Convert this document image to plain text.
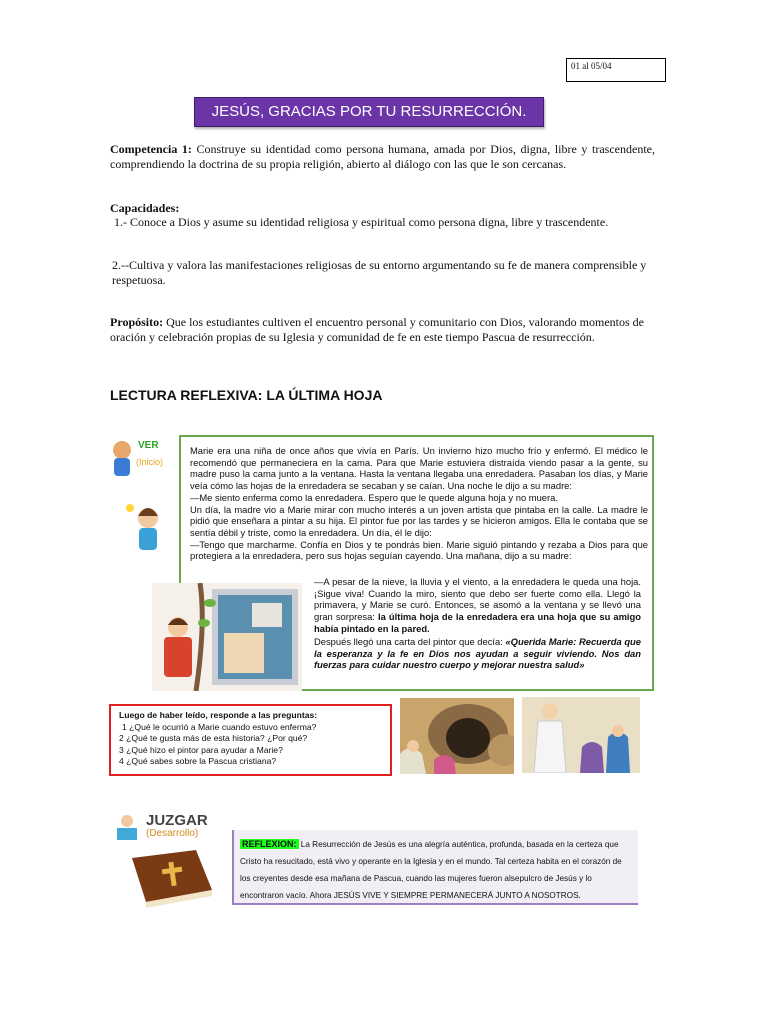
01 al 05/04
JESÚS, GRACIAS POR TU RESURRECCIÓN.
Competencia 1: Construye su identidad como persona humana, amada por Dios, digna, libre y trascendente, comprendiendo la doctrina de su propia religión, abierto al diálogo con las que le son cercanas.
Capacidades:
1.- Conoce a Dios y asume su identidad religiosa y espiritual como persona digna, libre y trascendente.
2.--Cultiva y valora las manifestaciones religiosas de su entorno argumentando su fe de manera comprensible y respetuosa.
Propósito: Que los estudiantes cultiven el encuentro personal y comunitario con Dios, valorando momentos de oración y celebración propias de su Iglesia y comunidad de fe en este tiempo Pascua de resurrección.
LECTURA REFLEXIVA: LA ÚLTIMA HOJA
VER
(Inicio)
Marie era una niña de once años que vivía en París. Un invierno hizo mucho frío y enfermó. El médico le recomendó que permaneciera en la cama. Para que Marie estuviera distraída viendo pasar a la gente, su madre puso la cama junto a la ventana. Hasta la ventana llegaba una enredadera. Pasaban los días, y Marie veía cómo las hojas de la enredadera se secaban y se caían. Una noche le dijo a su madre:
—Me siento enferma como la enredadera. Espero que le quede alguna hoja y no muera.
Un día, la madre vio a Marie mirar con mucho interés a un joven artista que pintaba en la calle. La madre le pidió que enseñara a pintar a su hija. El pintor fue por las tardes y se hicieron amigos. Ella le contaba que se sentía débil y triste, como la enredadera. Un día, él le dijo:
—Tengo que marcharme. Confía en Dios y te pondrás bien. Marie siguió pintando y rezaba a Dios para que protegiera a la enredadera, pero sus hojas seguían cayendo. Una mañana, dijo a su madre:
—A pesar de la nieve, la lluvia y el viento, a la enredadera le queda una hoja. ¡Sigue viva! Cuando la miro, siento que debo ser fuerte como ella. Llegó la primavera, y Marie se curó. Entonces, se asomó a la ventana y se llevó una gran sorpresa: la última hoja de la enredadera era una hoja que su amigo había pintado en la pared.
Después llegó una carta del pintor que decía: «Querida Marie: Recuerda que la esperanza y la fe en Dios nos ayudan a seguir viviendo. Nos dan fuerzas para cuidar nuestro cuerpo y mejorar nuestra salud»
Luego de haber leído, responde a las preguntas:
1 ¿Qué le ocurrió a Marie cuando estuvo enferma?
2 ¿Qué te gusta más de esta historia? ¿Por qué?
3 ¿Qué hizo el pintor para ayudar a Marie?
4 ¿Qué sabes sobre la Pascua cristiana?
JUZGAR
(Desarrollo)
REFLEXION: La Resurrección de Jesús es una alegría auténtica, profunda, basada en la certeza que Cristo ha resucitado, está vivo y operante en la Iglesia y en el mundo. Tal certeza habita en el corazón de los creyentes desde esa mañana de Pascua, cuando las mujeres fueron alsepulcro de Jesús y lo encontraron vacío. Ahora JESÚS VIVE Y SIEMPRE PERMANECERÁ JUNTO A NOSOTROS.
